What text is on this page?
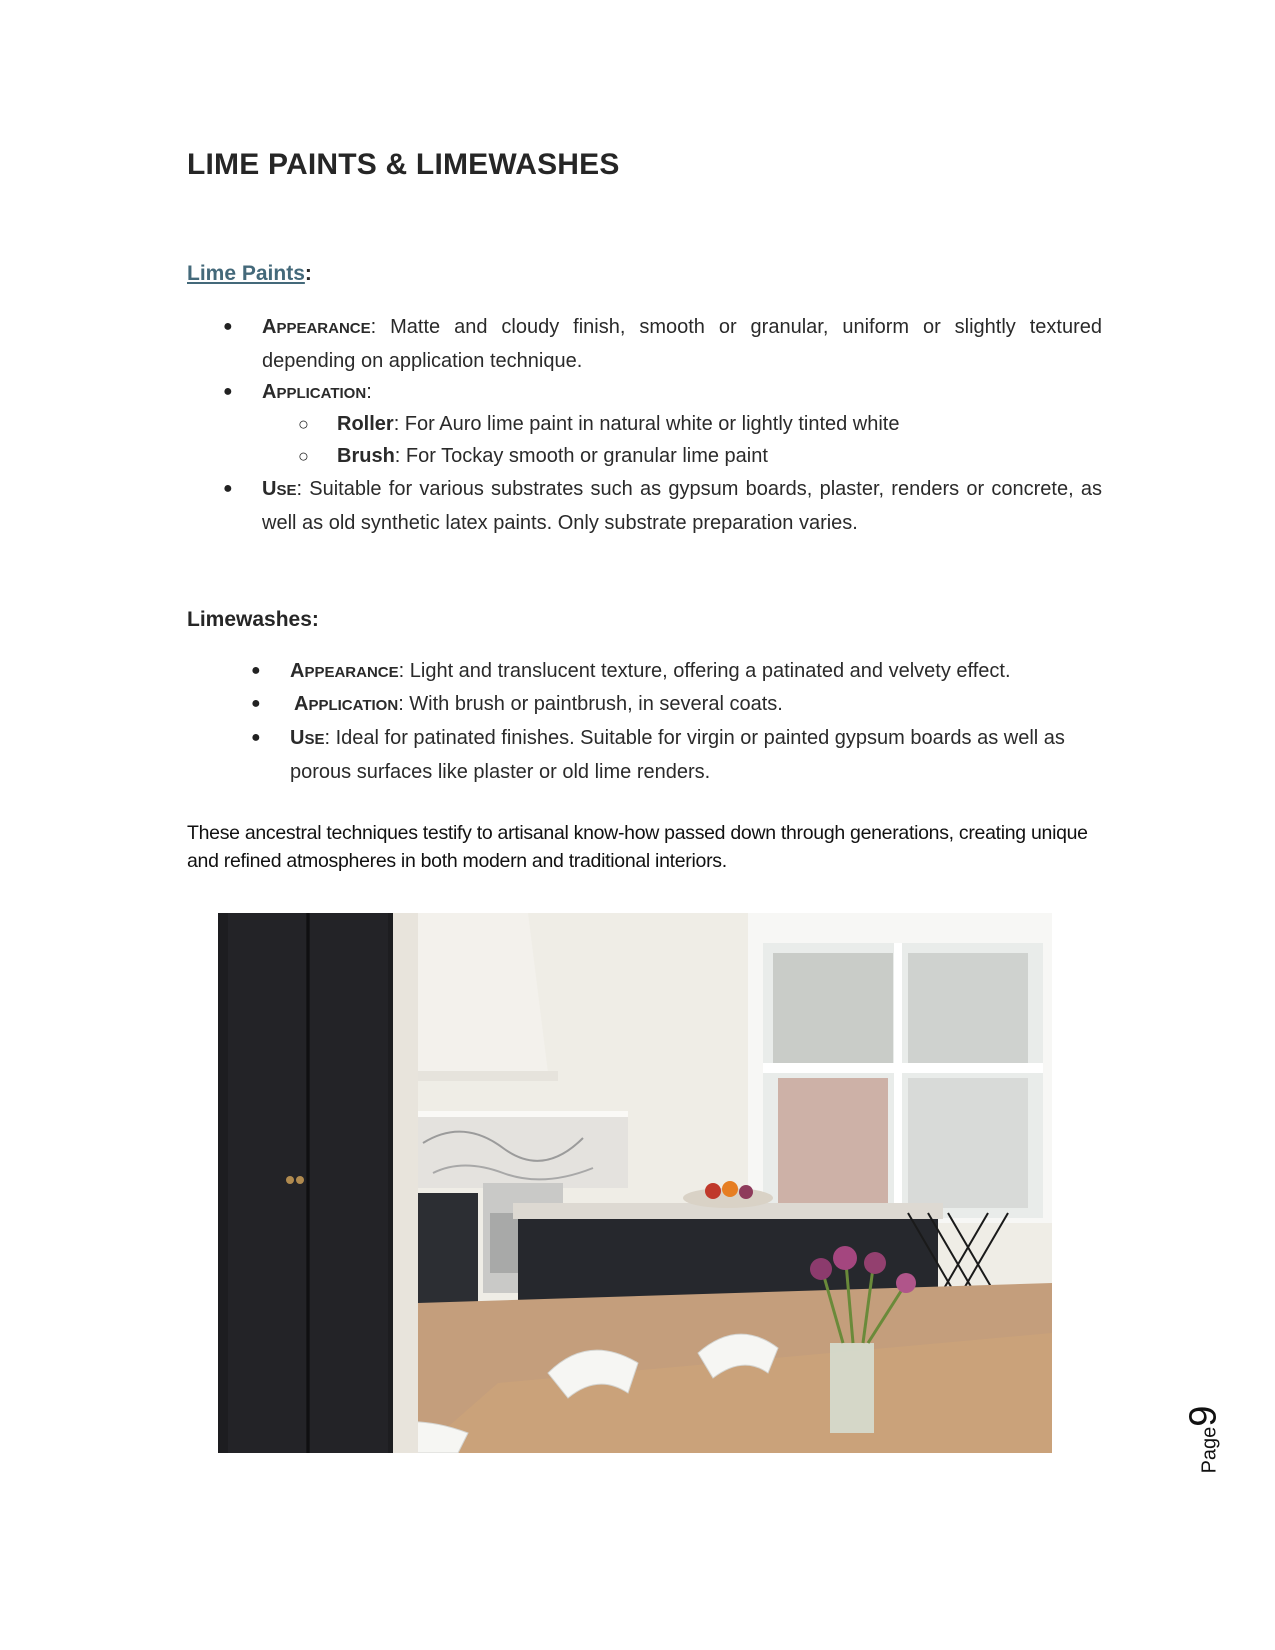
LIME PAINTS & LIMEWASHES
Lime Paints:
● APPEARANCE: Matte and cloudy finish, smooth or granular, uniform or slightly textured depending on application technique.
● APPLICATION:
○ Roller: For Auro lime paint in natural white or lightly tinted white
○ Brush: For Tockay smooth or granular lime paint
● USE: Suitable for various substrates such as gypsum boards, plaster, renders or concrete, as well as old synthetic latex paints. Only substrate preparation varies.
Limewashes:
● APPEARANCE: Light and translucent texture, offering a patinated and velvety effect.
● APPLICATION: With brush or paintbrush, in several coats.
● USE: Ideal for patinated finishes. Suitable for virgin or painted gypsum boards as well as porous surfaces like plaster or old lime renders.
These ancestral techniques testify to artisanal know-how passed down through generations, creating unique and refined atmospheres in both modern and traditional interiors.
Page9
